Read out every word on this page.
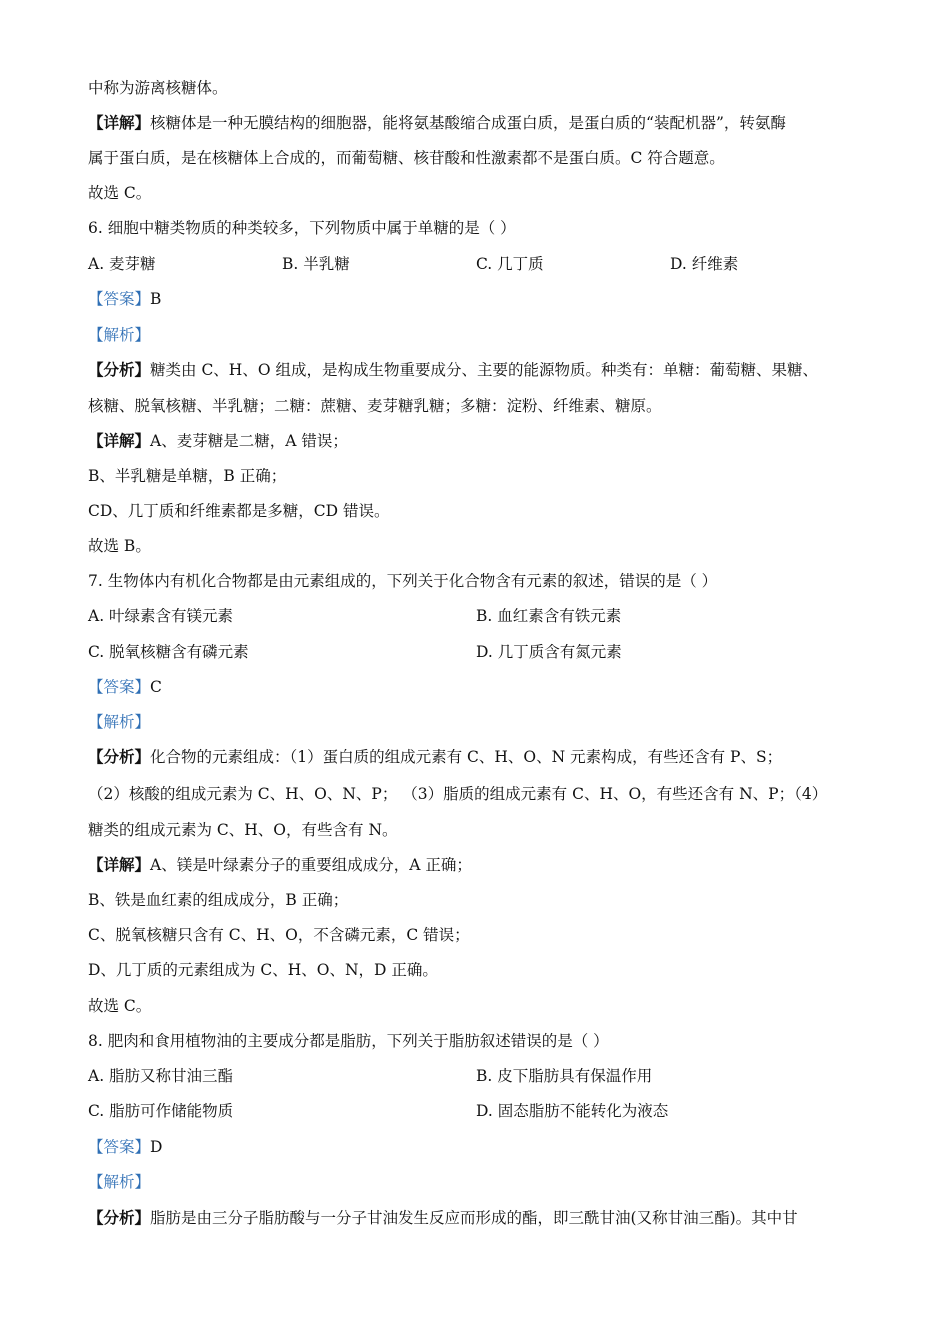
中称为游离核糖体。
【详解】核糖体是一种无膜结构的细胞器，能将氨基酸缩合成蛋白质，是蛋白质的“装配机器”，转氨酶
属于蛋白质，是在核糖体上合成的，而葡萄糖、核苷酸和性激素都不是蛋白质。C 符合题意。
故选 C。
6. 细胞中糖类物质的种类较多，下列物质中属于单糖的是（ ）
A. 麦芽糖	B. 半乳糖	C. 几丁质	D. 纤维素
【答案】B
【解析】
【分析】糖类由 C、H、O 组成，是构成生物重要成分、主要的能源物质。种类有：单糖：葡萄糖、果糖、
核糖、脱氧核糖、半乳糖；二糖：蔗糖、麦芽糖乳糖；多糖：淀粉、纤维素、糖原。
【详解】A、麦芽糖是二糖，A 错误；
B、半乳糖是单糖，B 正确；
CD、几丁质和纤维素都是多糖，CD 错误。
故选 B。
7. 生物体内有机化合物都是由元素组成的，下列关于化合物含有元素的叙述，错误的是（ ）
A. 叶绿素含有镁元素	B. 血红素含有铁元素
C. 脱氧核糖含有磷元素	D. 几丁质含有氮元素
【答案】C
【解析】
【分析】化合物的元素组成：（1）蛋白质的组成元素有 C、H、O、N 元素构成，有些还含有 P、S；
（2）核酸的组成元素为 C、H、O、N、P； （3）脂质的组成元素有 C、H、O，有些还含有 N、P；（4）
糖类的组成元素为 C、H、O，有些含有 N。
【详解】A、镁是叶绿素分子的重要组成成分，A 正确；
B、铁是血红素的组成成分，B 正确；
C、脱氧核糖只含有 C、H、O，不含磷元素，C 错误；
D、几丁质的元素组成为 C、H、O、N，D 正确。
故选 C。
8. 肥肉和食用植物油的主要成分都是脂肪，下列关于脂肪叙述错误的是（ ）
A. 脂肪又称甘油三酯	B. 皮下脂肪具有保温作用
C. 脂肪可作储能物质	D. 固态脂肪不能转化为液态
【答案】D
【解析】
【分析】脂肪是由三分子脂肪酸与一分子甘油发生反应而形成的酯，即三酰甘油(又称甘油三酯)。其中甘
